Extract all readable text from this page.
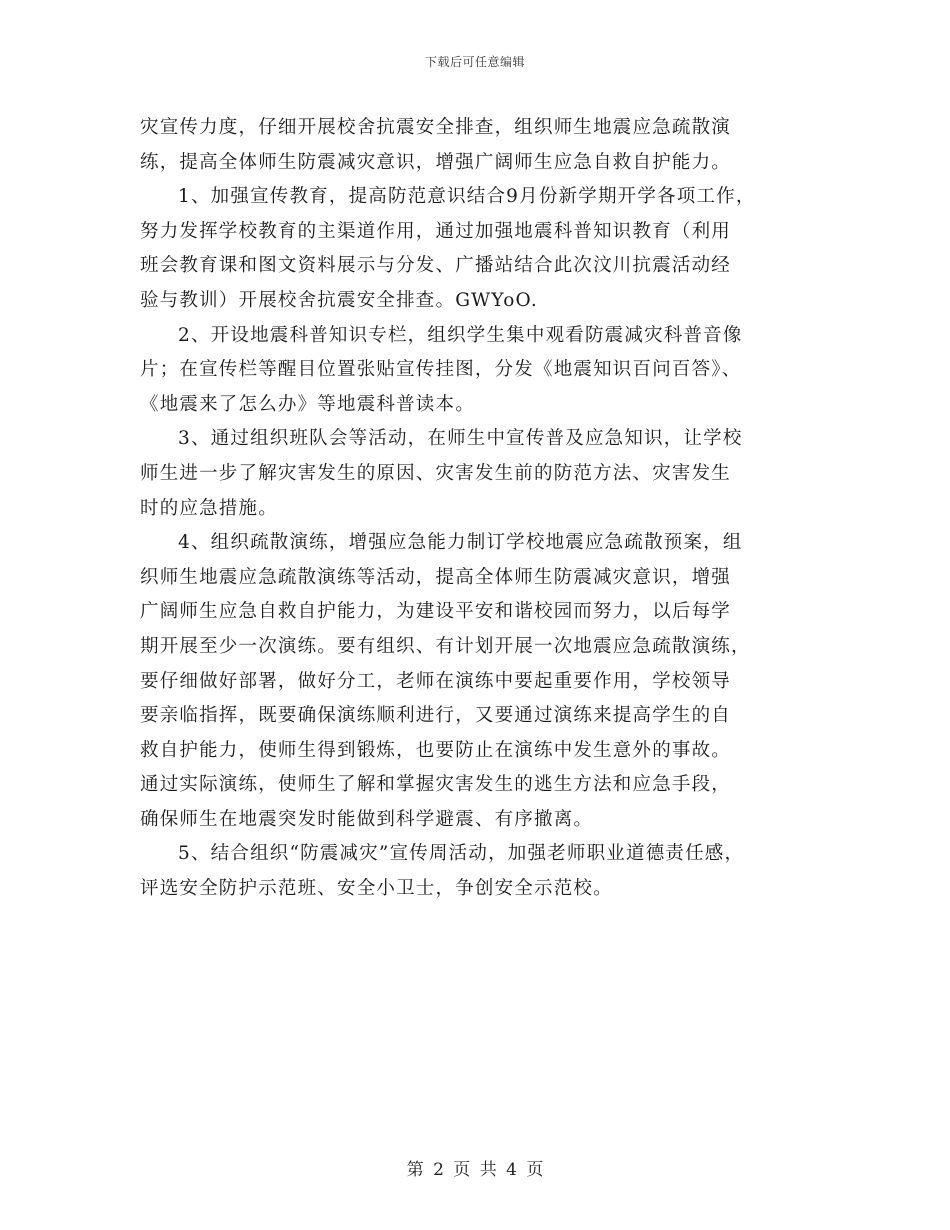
下载后可任意编辑
灾宣传力度，仔细开展校舍抗震安全排查，组织师生地震应急疏散演
练，提高全体师生防震减灾意识，增强广阔师生应急自救自护能力。
1、加强宣传教育，提高防范意识结合9月份新学期开学各项工作，
努力发挥学校教育的主渠道作用，通过加强地震科普知识教育（利用
班会教育课和图文资料展示与分发、广播站结合此次汶川抗震活动经
验与教训）开展校舍抗震安全排查。GWYoO.
2、开设地震科普知识专栏，组织学生集中观看防震减灾科普音像
片；在宣传栏等醒目位置张贴宣传挂图，分发《地震知识百问百答》、
《地震来了怎么办》等地震科普读本。
3、通过组织班队会等活动，在师生中宣传普及应急知识，让学校
师生进一步了解灾害发生的原因、灾害发生前的防范方法、灾害发生
时的应急措施。
4、组织疏散演练，增强应急能力制订学校地震应急疏散预案，组
织师生地震应急疏散演练等活动，提高全体师生防震减灾意识，增强
广阔师生应急自救自护能力，为建设平安和谐校园而努力，以后每学
期开展至少一次演练。要有组织、有计划开展一次地震应急疏散演练，
要仔细做好部署，做好分工，老师在演练中要起重要作用，学校领导
要亲临指挥，既要确保演练顺利进行，又要通过演练来提高学生的自
救自护能力，使师生得到锻炼，也要防止在演练中发生意外的事故。
通过实际演练，使师生了解和掌握灾害发生的逃生方法和应急手段，
确保师生在地震突发时能做到科学避震、有序撤离。
5、结合组织“防震减灾”宣传周活动，加强老师职业道德责任感，
评选安全防护示范班、安全小卫士，争创安全示范校。
第 2 页 共 4 页
